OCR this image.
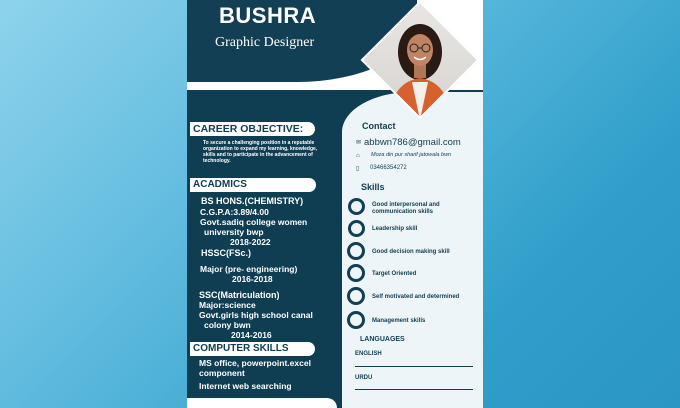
BUSHRA
Graphic Designer
CAREER OBJECTIVE:
To secure a challenging position in a reputable
organization to expand my learning, knowledge,
skills and to participate in the advancement of
technology.
ACADMICS
BS HONS.(CHEMISTRY)
C.G.P.A:3.89/4.00
Govt.sadiq college women
university bwp
2018-2022
HSSC(FSc.)
Major (pre- engineering)
2016-2018
SSC(Matriculation)
Major:science
Govt.girls high school canal
colony bwn
2014-2016
COMPUTER SKILLS
MS office, powerpoint.excel
component
Internet web searching
Contact
✉ abbwn786@gmail.com
⌂	Moza din pur sharif jatowala bwn
▯	03466354272
Skills
Good interpersonal and
communication skills
Leadership skill
Good decision making skill
Target Oriented
Self motivated and determined
Management skills
LANGUAGES
ENGLISH
URDU
